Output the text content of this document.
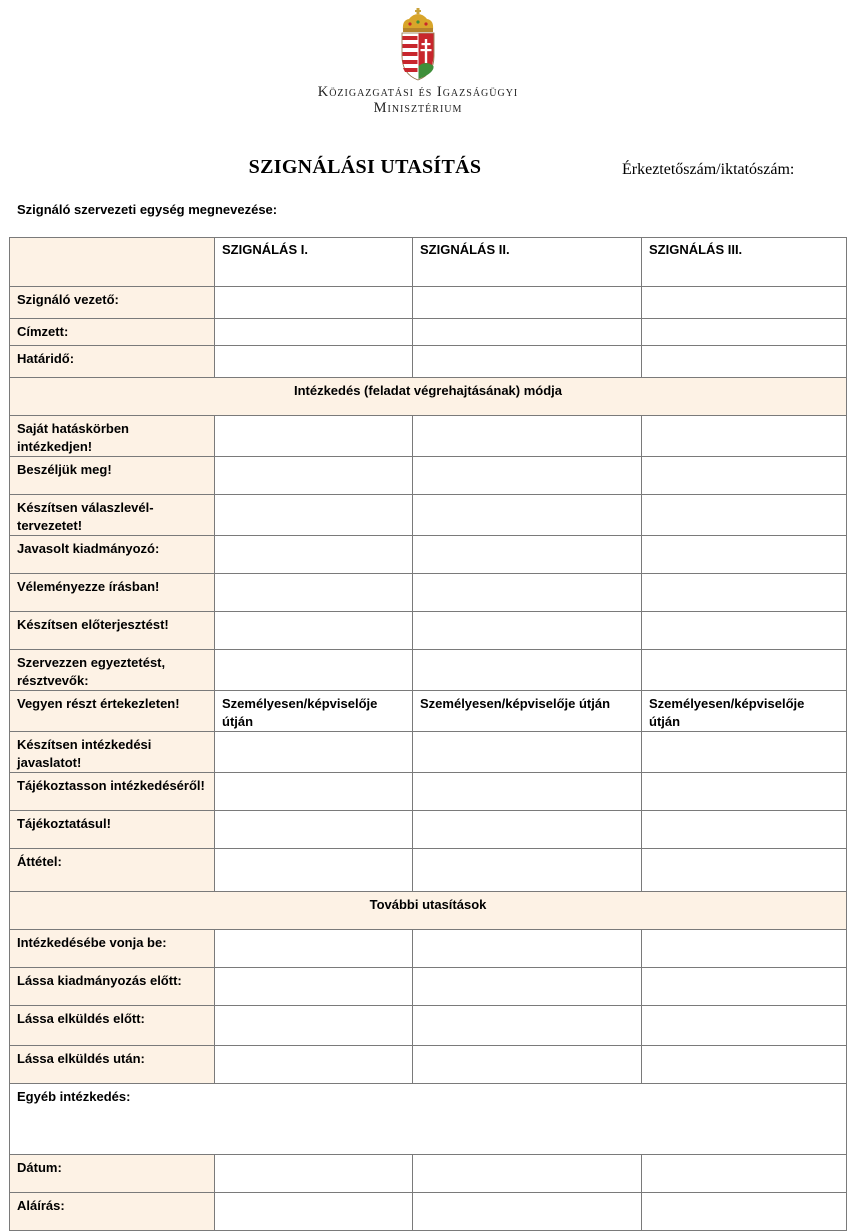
Közigazgatási és Igazságügyi
Minisztérium
SZIGNÁLÁSI UTASÍTÁS	Érkeztetőszám/iktatószám:
Szignáló szervezeti egység megnevezése:
	SZIGNÁLÁS I.	SZIGNÁLÁS II.	SZIGNÁLÁS III.
Szignáló vezető:			
Címzett:			
Határidő:			
Intézkedés (feladat végrehajtásának) módja			
Saját hatáskörben intézkedjen!			
Beszéljük meg!			
Készítsen válaszlevél-tervezetet!			
Javasolt kiadmányozó:			
Véleményezze írásban!			
Készítsen előterjesztést!			
Szervezzen egyeztetést, résztvevők:			
Vegyen részt értekezleten!	Személyesen/képviselője útján	Személyesen/képviselője útján	Személyesen/képviselője útján
Készítsen intézkedési javaslatot!			
Tájékoztasson intézkedéséről!			
Tájékoztatásul!			
Áttétel:			
További utasítások			
Intézkedésébe vonja be:			
Lássa kiadmányozás előtt:			
Lássa elküldés előtt:			
Lássa elküldés után:			
Egyéb intézkedés:			
Dátum:			
Aláírás:			
